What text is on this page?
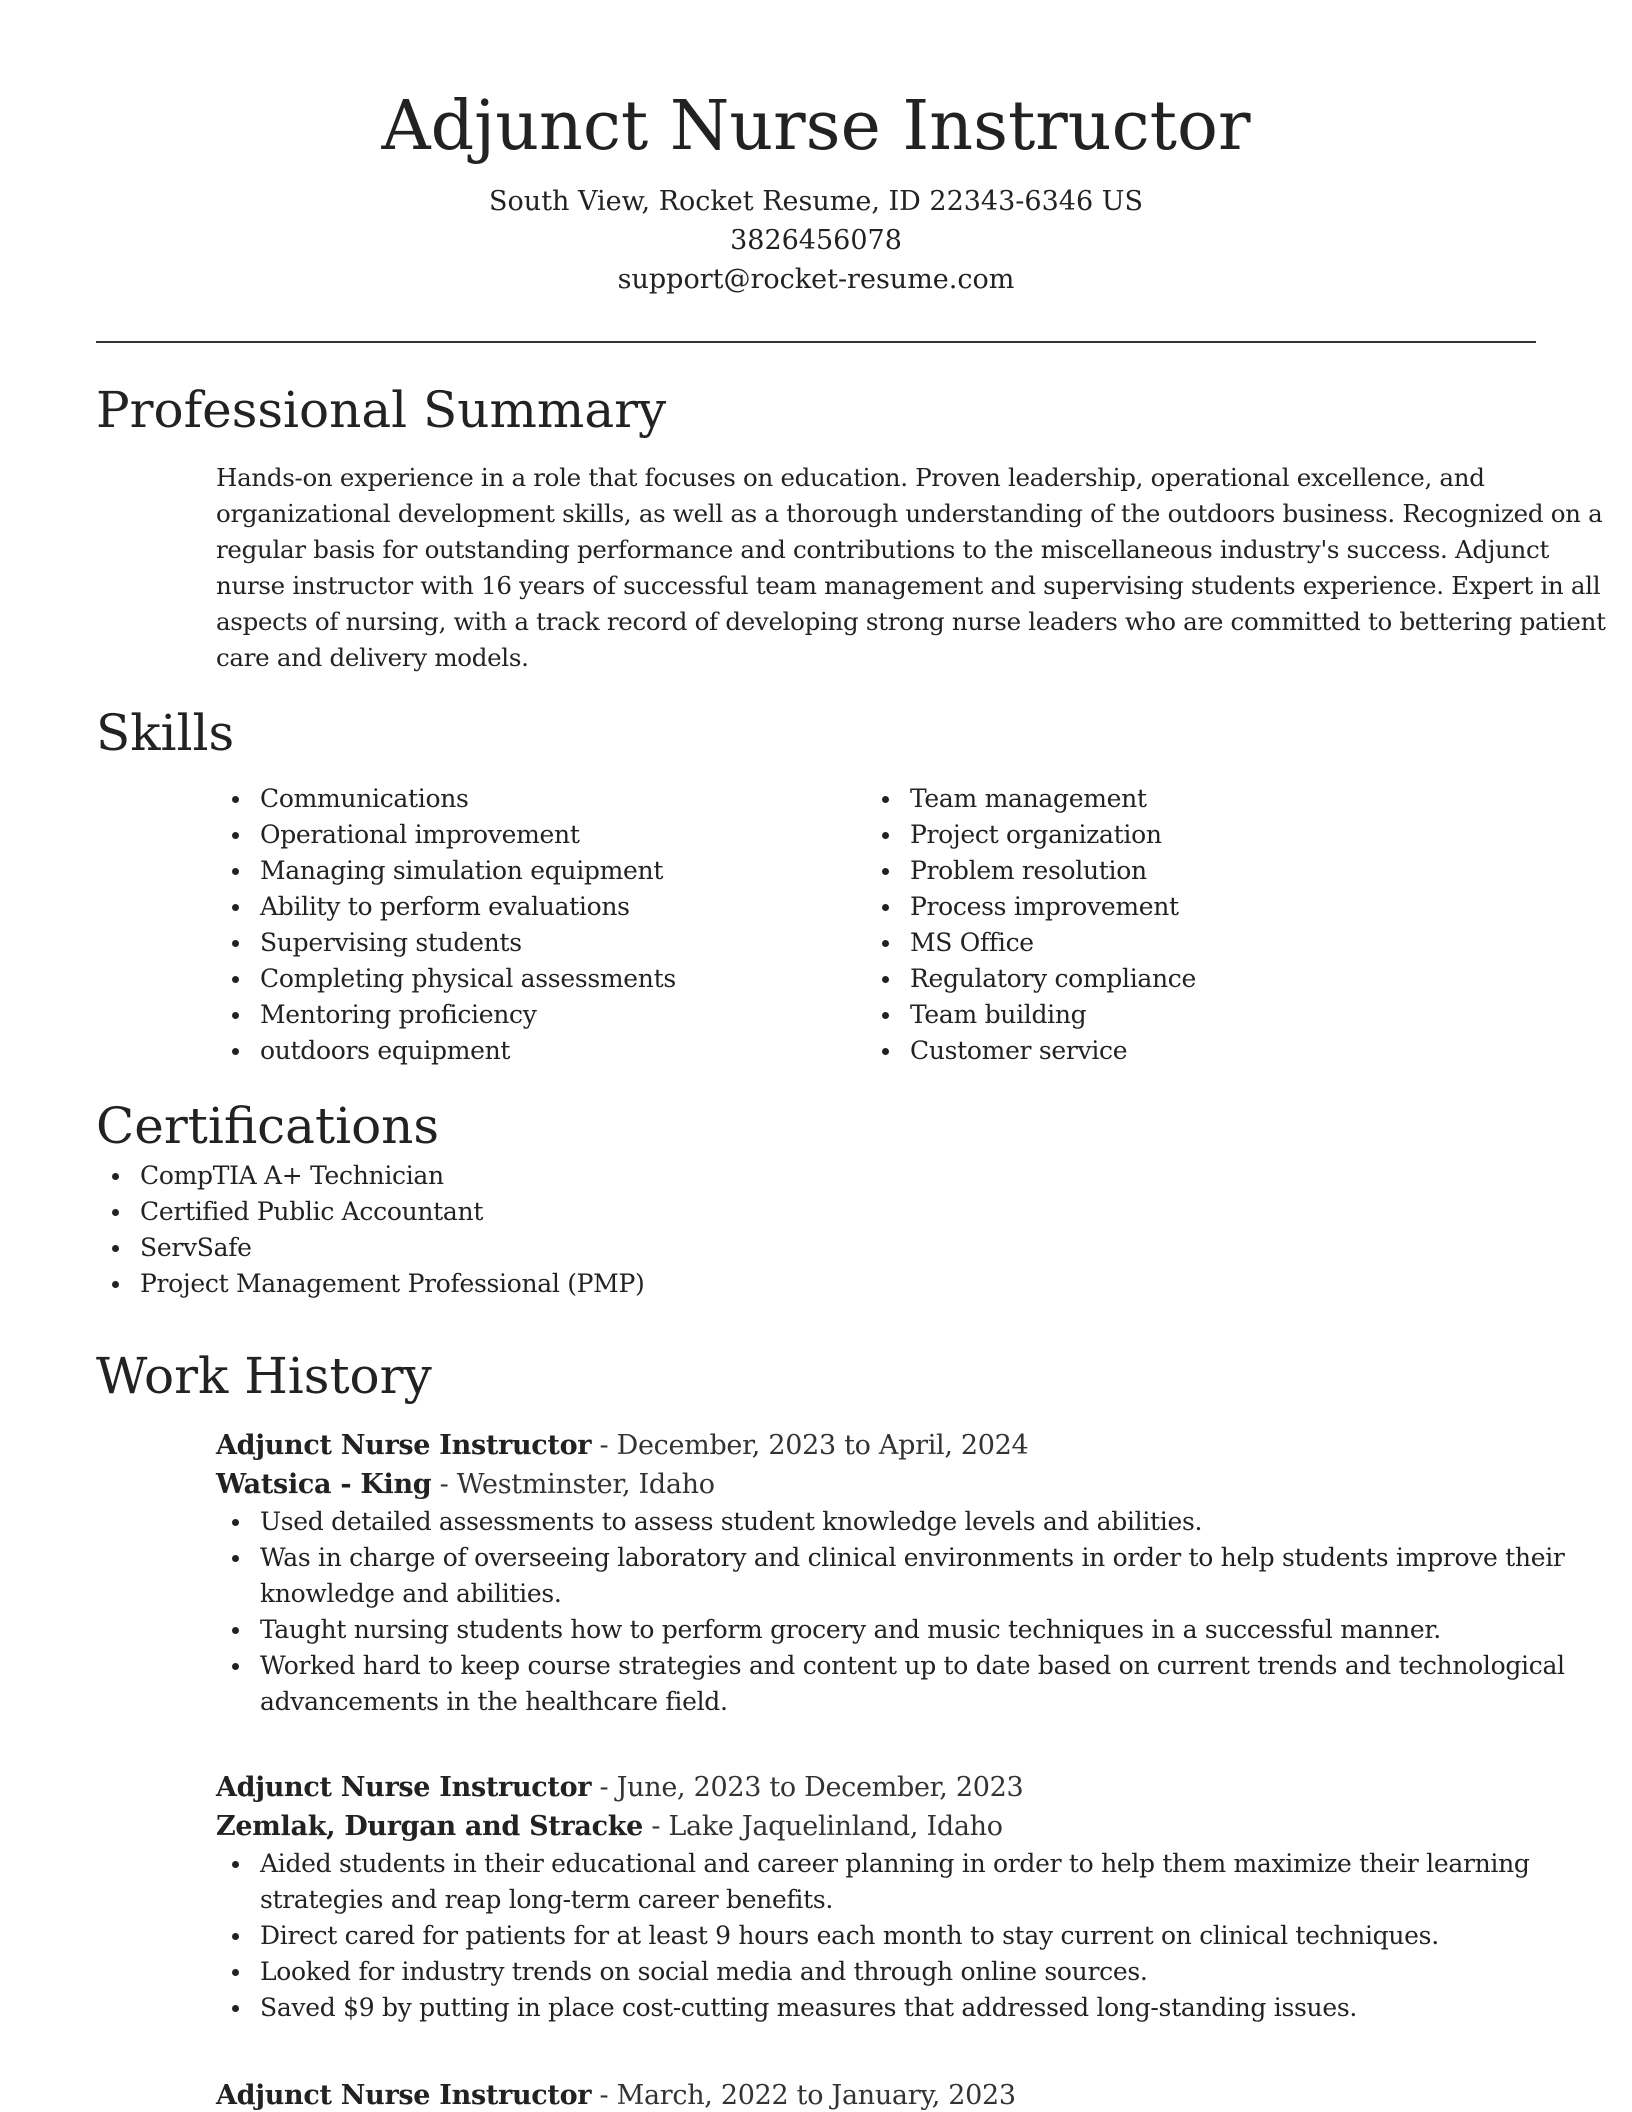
Adjunct Nurse Instructor

South View, Rocket Resume, ID 22343-6346 US

3826456078

support@rocket-resume.com

Professional Summary

Hands-on experience in a role that focuses on education. Proven leadership, operational excellence, and organizational development skills, as well as a thorough understanding of the outdoors business. Recognized on a regular basis for outstanding performance and contributions to the miscellaneous industry's success. Adjunct nurse instructor with 16 years of successful team management and supervising students experience. Expert in all aspects of nursing, with a track record of developing strong nurse leaders who are committed to bettering patient care and delivery models.

Skills
Communications
Operational improvement
Managing simulation equipment
Ability to perform evaluations
Supervising students
Completing physical assessments
Mentoring proficiency
outdoors equipment
Team management
Project organization
Problem resolution
Process improvement
MS Office
Regulatory compliance
Team building
Customer service
Certifications
CompTIA A+ Technician
Certified Public Accountant
ServSafe
Project Management Professional (PMP)
Work History

Adjunct Nurse Instructor - December, 2023 to April, 2024

Watsica - King - Westminster, Idaho

Used detailed assessments to assess student knowledge levels and abilities.
Was in charge of overseeing laboratory and clinical environments in order to help students improve their knowledge and abilities.
Taught nursing students how to perform grocery and music techniques in a successful manner.
Worked hard to keep course strategies and content up to date based on current trends and technological advancements in the healthcare field.

Adjunct Nurse Instructor - June, 2023 to December, 2023

Zemlak, Durgan and Stracke - Lake Jaquelinland, Idaho

Aided students in their educational and career planning in order to help them maximize their learning strategies and reap long-term career benefits.
Direct cared for patients for at least 9 hours each month to stay current on clinical techniques.
Looked for industry trends on social media and through online sources.
Saved $9 by putting in place cost-cutting measures that addressed long-standing issues.

Adjunct Nurse Instructor - March, 2022 to January, 2023
